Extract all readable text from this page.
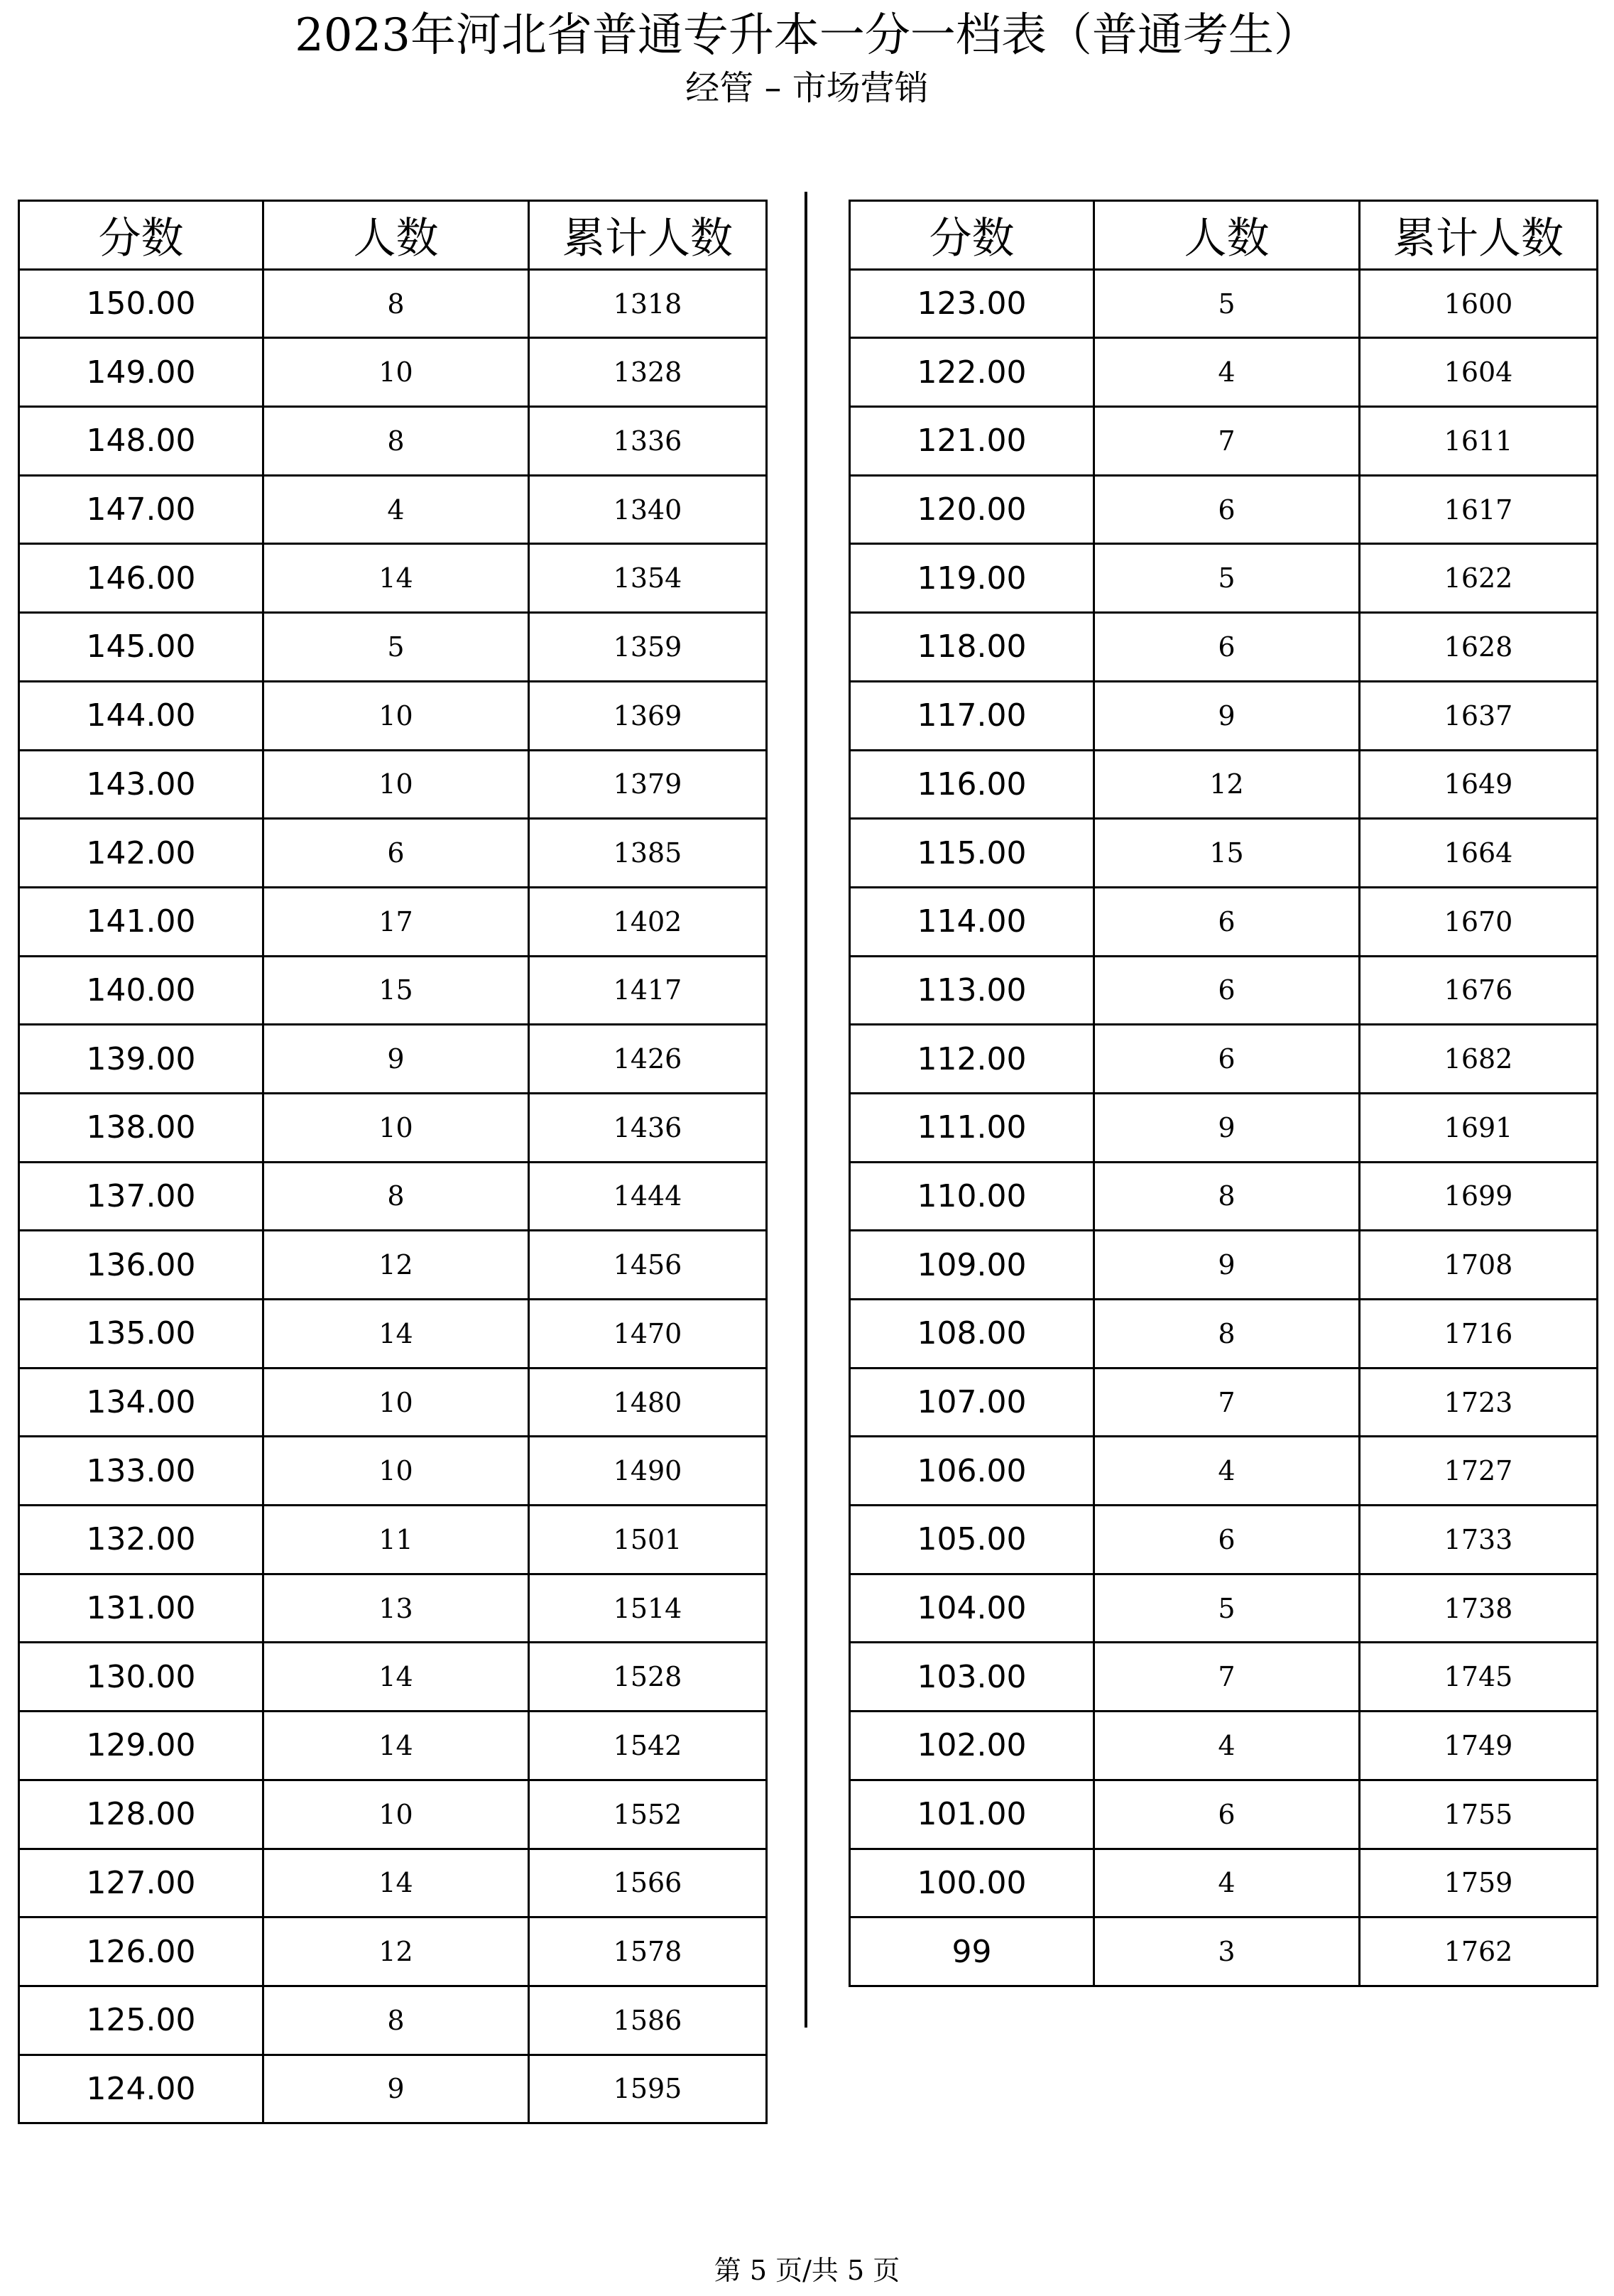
2023年河北省普通专升本一分一档表（普通考生）
经管 – 市场营销
分数	人数	累计人数
150.00	8	1318
149.00	10	1328
148.00	8	1336
147.00	4	1340
146.00	14	1354
145.00	5	1359
144.00	10	1369
143.00	10	1379
142.00	6	1385
141.00	17	1402
140.00	15	1417
139.00	9	1426
138.00	10	1436
137.00	8	1444
136.00	12	1456
135.00	14	1470
134.00	10	1480
133.00	10	1490
132.00	11	1501
131.00	13	1514
130.00	14	1528
129.00	14	1542
128.00	10	1552
127.00	14	1566
126.00	12	1578
125.00	8	1586
124.00	9	1595
分数	人数	累计人数
123.00	5	1600
122.00	4	1604
121.00	7	1611
120.00	6	1617
119.00	5	1622
118.00	6	1628
117.00	9	1637
116.00	12	1649
115.00	15	1664
114.00	6	1670
113.00	6	1676
112.00	6	1682
111.00	9	1691
110.00	8	1699
109.00	9	1708
108.00	8	1716
107.00	7	1723
106.00	4	1727
105.00	6	1733
104.00	5	1738
103.00	7	1745
102.00	4	1749
101.00	6	1755
100.00	4	1759
99	3	1762
第 5 页/共 5 页
